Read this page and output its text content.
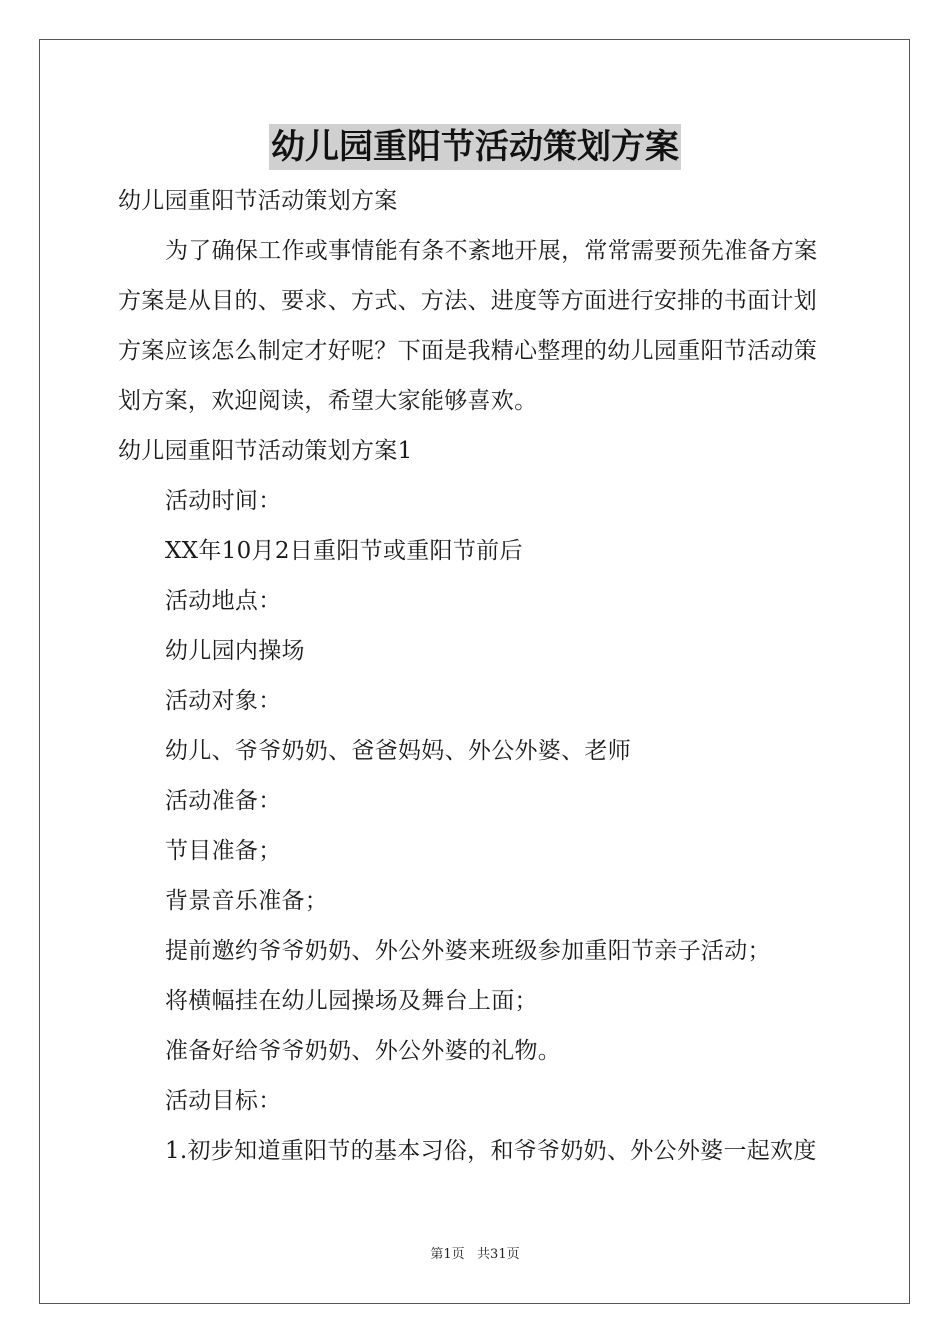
幼儿园重阳节活动策划方案
幼儿园重阳节活动策划方案
为了确保工作或事情能有条不紊地开展，常常需要预先准备方案
方案是从目的、要求、方式、方法、进度等方面进行安排的书面计划
方案应该怎么制定才好呢？下面是我精心整理的幼儿园重阳节活动策
划方案，欢迎阅读，希望大家能够喜欢。
幼儿园重阳节活动策划方案1
活动时间：
XX年10月2日重阳节或重阳节前后
活动地点：
幼儿园内操场
活动对象：
幼儿、爷爷奶奶、爸爸妈妈、外公外婆、老师
活动准备：
节目准备；
背景音乐准备；
提前邀约爷爷奶奶、外公外婆来班级参加重阳节亲子活动；
将横幅挂在幼儿园操场及舞台上面；
准备好给爷爷奶奶、外公外婆的礼物。
活动目标：
1.初步知道重阳节的基本习俗，和爷爷奶奶、外公外婆一起欢度
第1页   共31页
